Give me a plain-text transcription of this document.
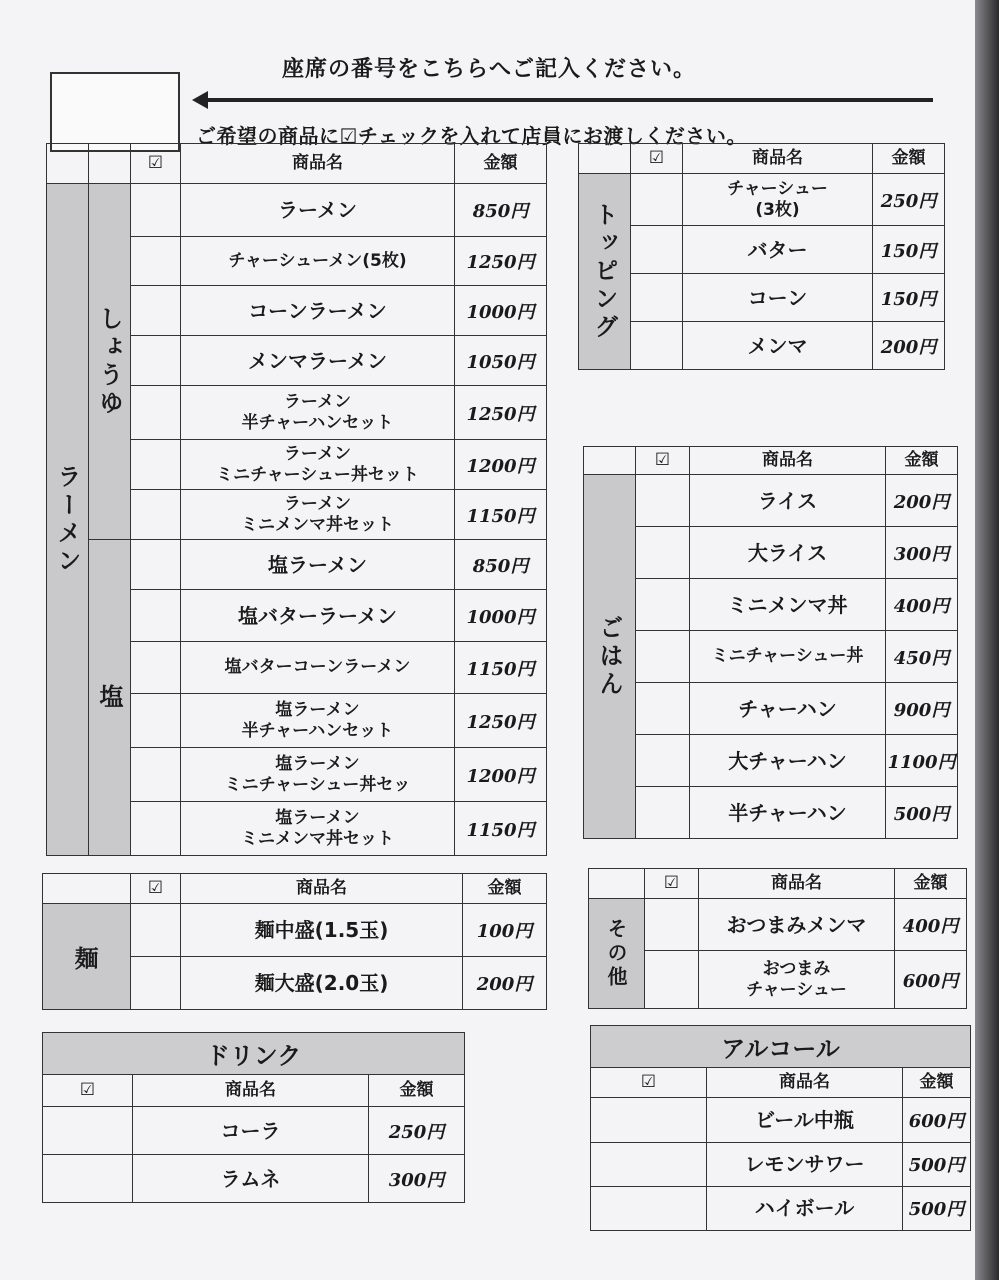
座席の番号をこちらへご記入ください。
ご希望の商品に☑チェックを入れて店員にお渡しください。
		☑	商品名	金額

ラーメン	しょうゆ		ラーメン	850円
			チャーシューメン(5枚)	1250円
			コーンラーメン	1000円
			メンマラーメン	1050円

			ラーメン
半チャーハンセット	1250円

			ラーメン
ミニチャーシュー丼セット	1200円

			ラーメン
ミニメンマ丼セット	1150円

	塩		塩ラーメン	850円
			塩バターラーメン	1000円
			塩バターコーンラーメン	1150円

			塩ラーメン
半チャーハンセット	1250円

			塩ラーメン
ミニチャーシュー丼セッ	1200円

			塩ラーメン
ミニメンマ丼セット	1150円
	☑	商品名	金額

トッピング		チャーシュー
(3枚)	250円
		バター	150円
		コーン	150円
		メンマ	200円
	☑	商品名	金額

ごはん		ライス	200円
		大ライス	300円
		ミニメンマ丼	400円
		ミニチャーシュー丼	450円
		チャーハン	900円
		大チャーハン	1100円
		半チャーハン	500円
	☑	商品名	金額
麺		麺中盛(1.5玉)	100円
		麺大盛(2.0玉)	200円
	☑	商品名	金額

その他		おつまみメンマ	400円

		おつまみ
チャーシュー	600円
ドリンク		
☑	商品名	金額
	コーラ	250円
	ラムネ	300円
アルコール		
☑	商品名	金額
	ビール中瓶	600円
	レモンサワー	500円
	ハイボール	500円
